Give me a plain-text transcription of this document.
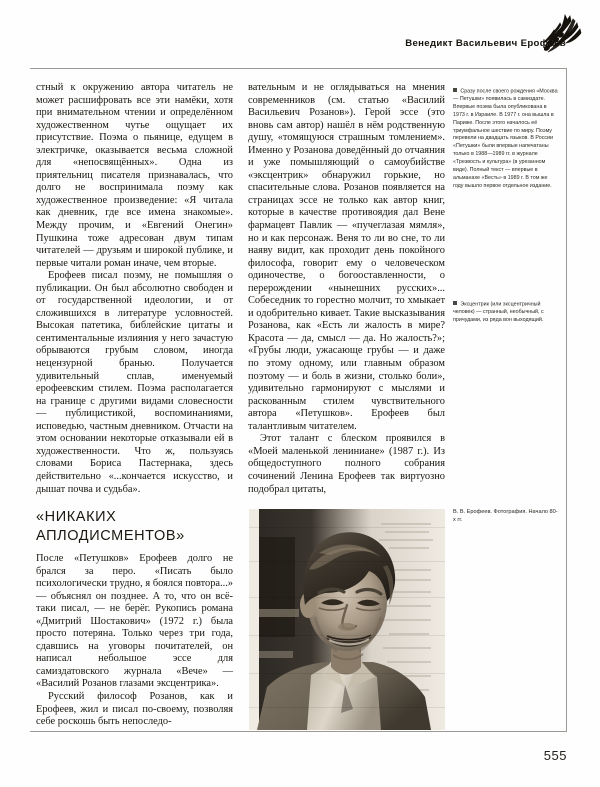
Венедикт Васильевич Ерофеев

стный к окружению автора читатель не может расшифровать все эти намёки, хотя при внимательном чтении и определённом художественном чутье ощущает их присутствие. Поэма о пьянице, едущем в электричке, оказывается весьма сложной для «непосвящённых». Одна из приятельниц писателя признавалась, что долго не воспринимала поэму как художественное произведение: «Я читала как дневник, где все имена знакомые». Между прочим, и «Евгений Онегин» Пушкина тоже адресован двум типам читателей — друзьям и широкой публике, и первые читали роман иначе, чем вторые.

Ерофеев писал поэму, не помышляя о публикации. Он был абсолютно свободен и от государственной идеологии, и от сложившихся в литературе условностей. Высокая патетика, библейские цитаты и сентиментальные излияния у него зачастую обрываются грубым словом, иногда нецензурной бранью. Получается удивительный сплав, именуемый ерофеевским стилем. Поэма располагается на границе с другими видами словесности — публицистикой, воспоминаниями, исповедью, частным дневником. Отчасти на этом основании некоторые отказывали ей в художественности. Что ж, пользуясь словами Бориса Пастернака, здесь действительно «...кончается искусство, и дышат почва и судьба».

вательным и не оглядываться на мнения современников (см. статью «Василий Васильевич Розанов»). Герой эссе (это вновь сам автор) нашёл в нём родственную душу, «томящуюся страшным томлением». Именно у Розанова доведённый до отчаяния и уже помышляющий о самоубийстве «эксцентрик» обнаружил горькие, но спасительные слова. Розанов появляется на страницах эссе не только как автор книг, которые в качестве противоядия дал Вене фармацевт Павлик — «пучеглазая мямля», но и как персонаж. Веня то ли во сне, то ли наяву видит, как проходит день покойного философа, говорит ему о человеческом одиночестве, о богооставленности, о перерождении «нынешних русских»... Собеседник то горестно молчит, то хмыкает и одобрительно кивает. Такие высказывания Розанова, как «Есть ли жалость в мире? Красота — да, смысл — да. Но жалость?»; «Грубы люди, ужасающе грубы — и даже по этому одному, или главным образом поэтому — и боль в жизни, столько боли», удивительно гармонируют с мыслями и раскованным стилем чувствительного автора «Петушков». Ерофеев был талантливым читателем.

Этот талант с блеском проявился в «Моей маленькой лениниане» (1987 г.). Из общедоступного полного собрания сочинений Ленина Ерофеев так виртуозно подобрал цитаты,

«НИКАКИХ АПЛОДИСМЕНТОВ»

После «Петушков» Ерофеев долго не брался за перо. «Писать было психологически трудно, я боялся повтора...» — объяснял он позднее. А то, что он всё-таки писал, — не берёг. Рукопись романа «Дмитрий Шостакович» (1972 г.) была просто потеряна. Только через три года, сдавшись на уговоры почитателей, он написал небольшое эссе для самиздатовского журнала «Вече» — «Василий Розанов глазами эксцентрика».

Русский философ Розанов, как и Ерофеев, жил и писал по-своему, позволяя себе роскошь быть непоследо-

Сразу после своего рождения «Москва — Петушки» появилась в самиздате. Впервые поэма была опубликована в 1973 г. в Израиле. В 1977 г. она вышла в Париже. После этого началось её триумфальное шествие по миру. Поэму перевели на двадцать языков. В России «Петушки» были впервые напечатаны только в 1988—1989 гг. в журнале «Трезвость и культура» (в урезанном виде). Полный текст — впервые в альманахе «Весть» в 1989 г. В том же году вышло первое отдельное издание.
Эксцентрик (или эксцентричный человек) — странный, необычный, с причудами, из ряда вон выходящий.
В. В. Ерофеев. Фотография. Начало 80-х гг.
555
